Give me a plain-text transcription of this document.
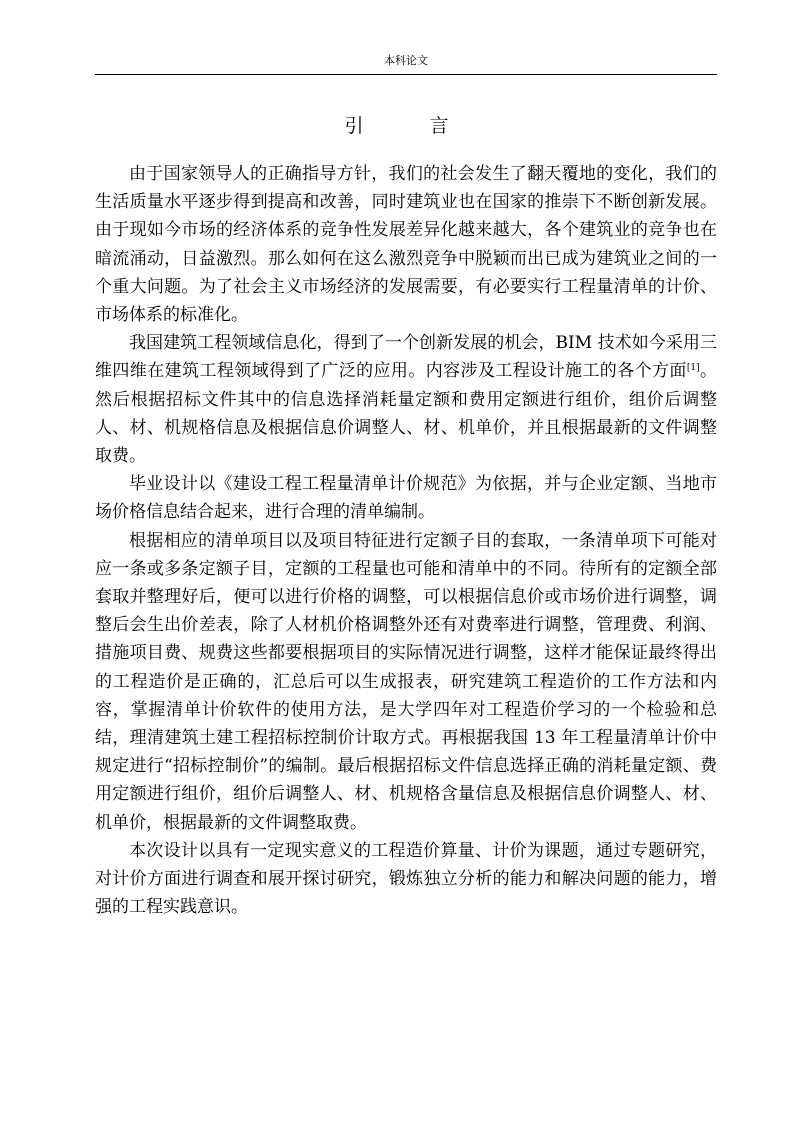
本科论文
引 言

由于国家领导人的正确指导方针，我们的社会发生了翻天覆地的变化，我们的生活质量水平逐步得到提高和改善，同时建筑业也在国家的推崇下不断创新发展。由于现如今市场的经济体系的竞争性发展差异化越来越大，各个建筑业的竞争也在暗流涌动，日益激烈。那么如何在这么激烈竞争中脱颖而出已成为建筑业之间的一个重大问题。为了社会主义市场经济的发展需要，有必要实行工程量清单的计价、市场体系的标准化。

我国建筑工程领域信息化，得到了一个创新发展的机会，BIM 技术如今采用三维四维在建筑工程领域得到了广泛的应用。内容涉及工程设计施工的各个方面[1]。然后根据招标文件其中的信息选择消耗量定额和费用定额进行组价，组价后调整人、材、机规格信息及根据信息价调整人、材、机单价，并且根据最新的文件调整取费。

毕业设计以《建设工程工程量清单计价规范》为依据，并与企业定额、当地市场价格信息结合起来，进行合理的清单编制。

根据相应的清单项目以及项目特征进行定额子目的套取，一条清单项下可能对应一条或多条定额子目，定额的工程量也可能和清单中的不同。待所有的定额全部套取并整理好后，便可以进行价格的调整，可以根据信息价或市场价进行调整，调整后会生出价差表，除了人材机价格调整外还有对费率进行调整，管理费、利润、措施项目费、规费这些都要根据项目的实际情况进行调整，这样才能保证最终得出的工程造价是正确的，汇总后可以生成报表，研究建筑工程造价的工作方法和内容，掌握清单计价软件的使用方法，是大学四年对工程造价学习的一个检验和总结，理清建筑土建工程招标控制价计取方式。再根据我国 13 年工程量清单计价中规定进行“招标控制价”的编制。最后根据招标文件信息选择正确的消耗量定额、费用定额进行组价，组价后调整人、材、机规格含量信息及根据信息价调整人、材、机单价，根据最新的文件调整取费。

本次设计以具有一定现实意义的工程造价算量、计价为课题，通过专题研究，对计价方面进行调查和展开探讨研究，锻炼独立分析的能力和解决问题的能力，增强的工程实践意识。
